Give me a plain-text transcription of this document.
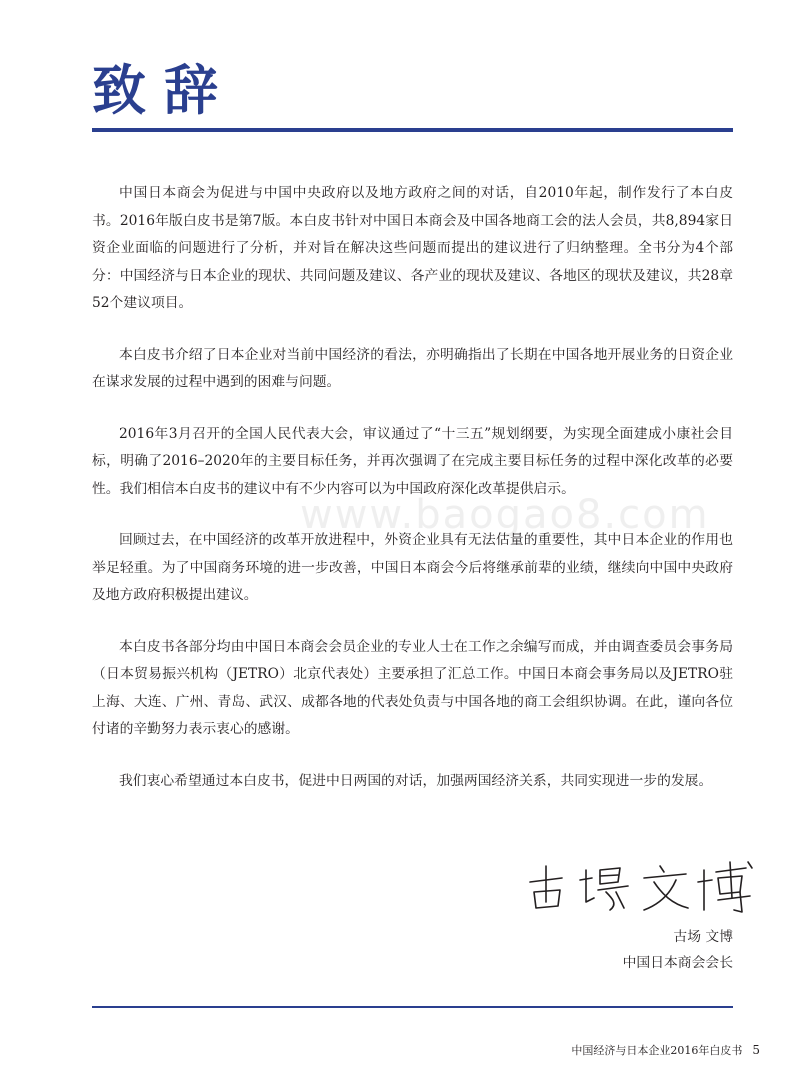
致辞
www.baogao8.com

中国日本商会为促进与中国中央政府以及地方政府之间的对话，自2010年起，制作发行了本白皮书。2016年版白皮书是第7版。本白皮书针对中国日本商会及中国各地商工会的法人会员，共8,894家日资企业面临的问题进行了分析，并对旨在解决这些问题而提出的建议进行了归纳整理。全书分为4个部分：中国经济与日本企业的现状、共同问题及建议、各产业的现状及建议、各地区的现状及建议，共28章52个建议项目。

本白皮书介绍了日本企业对当前中国经济的看法，亦明确指出了长期在中国各地开展业务的日资企业在谋求发展的过程中遇到的困难与问题。

2016年3月召开的全国人民代表大会，审议通过了“十三五”规划纲要，为实现全面建成小康社会目标，明确了2016–2020年的主要目标任务，并再次强调了在完成主要目标任务的过程中深化改革的必要性。我们相信本白皮书的建议中有不少内容可以为中国政府深化改革提供启示。

回顾过去，在中国经济的改革开放进程中，外资企业具有无法估量的重要性，其中日本企业的作用也举足轻重。为了中国商务环境的进一步改善，中国日本商会今后将继承前辈的业绩，继续向中国中央政府及地方政府积极提出建议。

本白皮书各部分均由中国日本商会会员企业的专业人士在工作之余编写而成，并由调查委员会事务局（日本贸易振兴机构（JETRO）北京代表处）主要承担了汇总工作。中国日本商会事务局以及JETRO驻上海、大连、广州、青岛、武汉、成都各地的代表处负责与中国各地的商工会组织协调。在此，谨向各位付诸的辛勤努力表示衷心的感谢。

我们衷心希望通过本白皮书，促进中日两国的对话，加强两国经济关系，共同实现进一步的发展。

古场 文博
中国日本商会会长
中国经济与日本企业2016年白皮书 5
